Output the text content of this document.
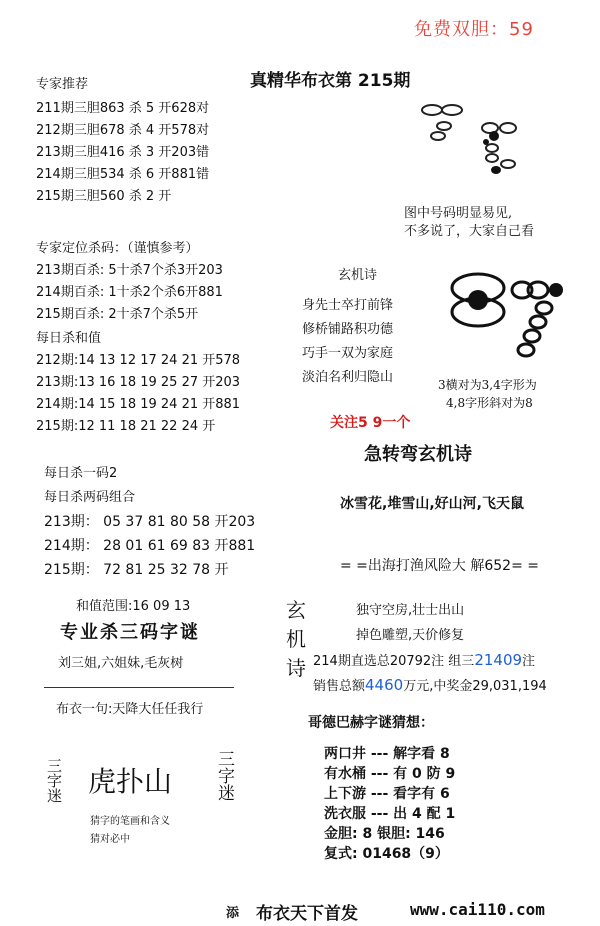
免费双胆：59
真精华布衣第 215期
专家推荐
211期三胆863 杀 5 开628对
212期三胆678 杀 4 开578对
213期三胆416 杀 3 开203错
214期三胆534 杀 6 开881错
215期三胆560 杀 2 开
专家定位杀码：（谨慎参考）
213期百杀: 5十杀7个杀3开203
214期百杀: 1十杀2个杀6开881
215期百杀: 2十杀7个杀5开
每日杀和值
212期:14 13 12 17 24 21 开578
213期:13 16 18 19 25 27 开203
214期:14 15 18 19 24 21 开881
215期:12 11 18 21 22 24 开
每日杀一码2
每日杀两码组合
213期： 05 37 81 80 58 开203
214期： 28 01 61 69 83 开881
215期： 72 81 25 32 78 开
和值范围:16 09 13
专业杀三码字谜
刘三姐,六姐妹,毛灰树
布衣一句:天降大任任我行
三字迷 虎扑山 三字迷
猜字的笔画和含义
猜对必中
图中号码明显易见,
不多说了，大家自己看
玄机诗
身先士卒打前锋
修桥铺路积功德
巧手一双为家庭
淡泊名利归隐山	3横对为3,4字形为
4,8字形斜对为8
关注5 9一个
急转弯玄机诗
冰雪花,堆雪山,好山河,飞天鼠
= =出海打渔风险大 解652= =
玄
机
诗
独守空房,壮士出山
掉色雕塑,天价修复
214期直选总20792注 组三21409注
销售总额4460万元,中奖金29,031,194
哥德巴赫字谜猜想：
两口井 --- 解字看 8
有水桶 --- 有 0 防 9
上下游 --- 看字有 6
洗衣服 --- 出 4 配 1
金胆: 8 银胆: 146
复式: 01468（9）
添 布衣天下首发	www.cai110.com
